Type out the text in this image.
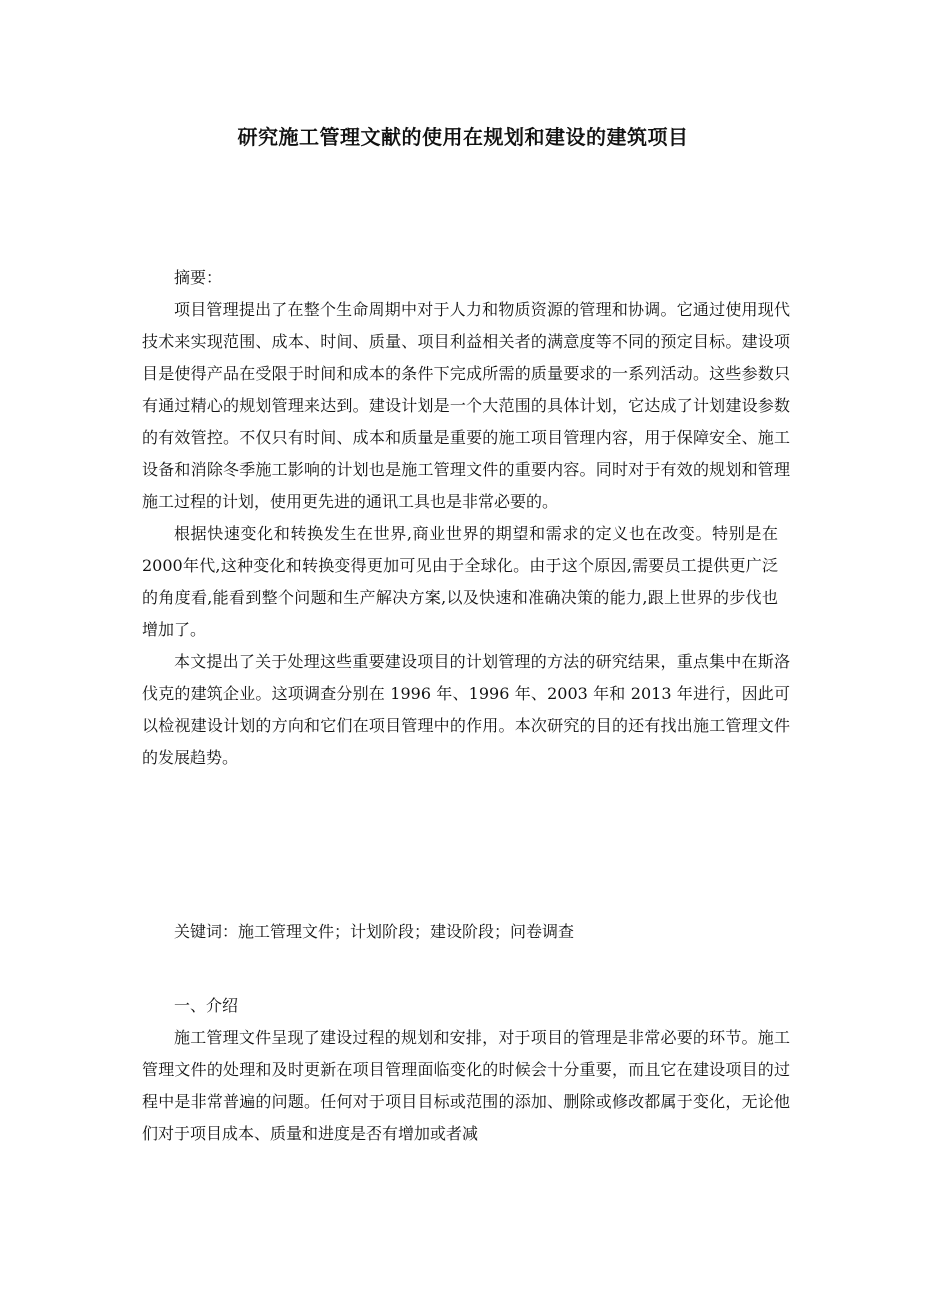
研究施工管理文献的使用在规划和建设的建筑项目

摘要：

项目管理提出了在整个生命周期中对于人力和物质资源的管理和协调。它通过使用现代技术来实现范围、成本、时间、质量、项目利益相关者的满意度等不同的预定目标。建设项目是使得产品在受限于时间和成本的条件下完成所需的质量要求的一系列活动。这些参数只有通过精心的规划管理来达到。建设计划是一个大范围的具体计划，它达成了计划建设参数的有效管控。不仅只有时间、成本和质量是重要的施工项目管理内容，用于保障安全、施工设备和消除冬季施工影响的计划也是施工管理文件的重要内容。同时对于有效的规划和管理施工过程的计划，使用更先进的通讯工具也是非常必要的。

根据快速变化和转换发生在世界,商业世界的期望和需求的定义也在改变。特别是在2000年代,这种变化和转换变得更加可见由于全球化。由于这个原因,需要员工提供更广泛的角度看,能看到整个问题和生产解决方案,以及快速和准确决策的能力,跟上世界的步伐也增加了。

本文提出了关于处理这些重要建设项目的计划管理的方法的研究结果，重点集中在斯洛伐克的建筑企业。这项调查分别在 1996 年、1996 年、2003 年和 2013 年进行，因此可以检视建设计划的方向和它们在项目管理中的作用。本次研究的目的还有找出施工管理文件的发展趋势。

关键词：施工管理文件；计划阶段；建设阶段；问卷调查

一、介绍

施工管理文件呈现了建设过程的规划和安排，对于项目的管理是非常必要的环节。施工管理文件的处理和及时更新在项目管理面临变化的时候会十分重要，而且它在建设项目的过程中是非常普遍的问题。任何对于项目目标或范围的添加、删除或修改都属于变化，无论他们对于项目成本、质量和进度是否有增加或者减
